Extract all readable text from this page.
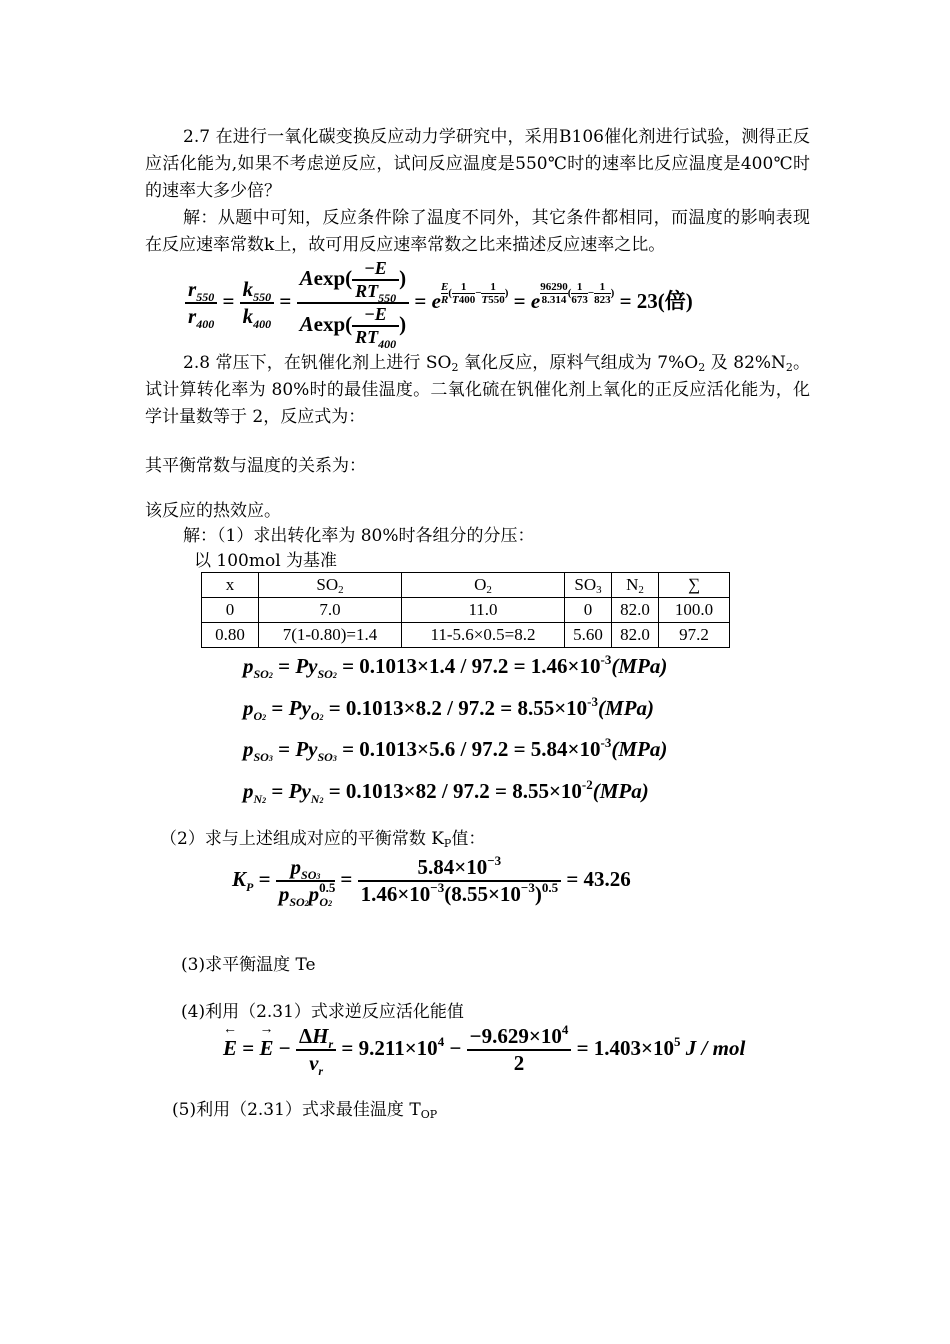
2.7 在进行一氧化碳变换反应动力学研究中，采用B106催化剂进行试验，测得正反应活化能为,如果不考虑逆反应，试问反应温度是550℃时的速率比反应温度是400℃时的速率大多少倍？

解：从题中可知，反应条件除了温度不同外，其它条件都相同，而温度的影响表现在反应速率常数k上，故可用反应速率常数之比来描述反应速率之比。

$\frac{r_{550}}{r_{400}} = \frac{k_{550}}{k_{400}} = \frac{Aexp( \frac{-E}{RT_{550}} )}{Aexp( \frac{-E}{RT_{400}} )} = e \frac{E}{R}$ ( $\frac{1}{T400} - \frac{1}{T550}$ ) = e $\frac{96290}{8.314}$ ( $\frac{1}{673} - \frac{1}{823}$ ) = 23(倍)

2.8 常压下，在钒催化剂上进行 $SO_2$ 氧化反应，原料气组成为 $7\%O_2$ 及 $82\%N_2$。试计算转化率为 80%时的最佳温度。二氧化硫在钒催化剂上氧化的正反应活化能为，化学计量数等于 2，反应式为：

其平衡常数与温度的关系为：

该反应的热效应。

解：（1）求出转化率为 80%时各组分的分压：

以 100mol 为基准

x	$SO_2$	$O_2$	$SO_3$	$N_2$	∑
0	7.0	11.0	0	82.0	100.0
0.80	7(1-0.80)=1.4	11-5.6×0.5=8.2	5.60	82.0	97.2
$p_{SO2} = Py_{SO2} = 0.1013\times 1.4 / 97.2 = 1.46\times 10^{-3}(MPa)$
$p_{O2} = Py_{O2} = 0.1013\times 8.2 / 97.2 = 8.55\times 10^{-3}(MPa)$
$p_{SO3} = Py_{SO3} = 0.1013\times 5.6 / 97.2 = 5.84\times 10^{-3}(MPa)$
$p_{N2} = Py_{N2} = 0.1013\times 82 / 97.2 = 8.55\times 10^{-2}(MPa)$

（2）求与上述组成对应的平衡常数 $K_P$值：

$K_P = \frac{p_{SO3}}{p_{SO2}p^{0.5}_{O2}} = \frac{5.84\times 10^{-3}}{1.46\times 10^{-3}(8.55\times 10^{-3})^{0.5}} = 43.26$

(3)求平衡温度 Te

(4)利用（2.31）式求逆反应活化能值

←
E =
→
$E - \frac{\Delta H_r}{\nu_r} = 9.211\times 10^4 - \frac{-9.629\times 10^4}{2} = 1.403\times 10^5$ J / mol

(5)利用（2.31）式求最佳温度 $T_{OP}$
